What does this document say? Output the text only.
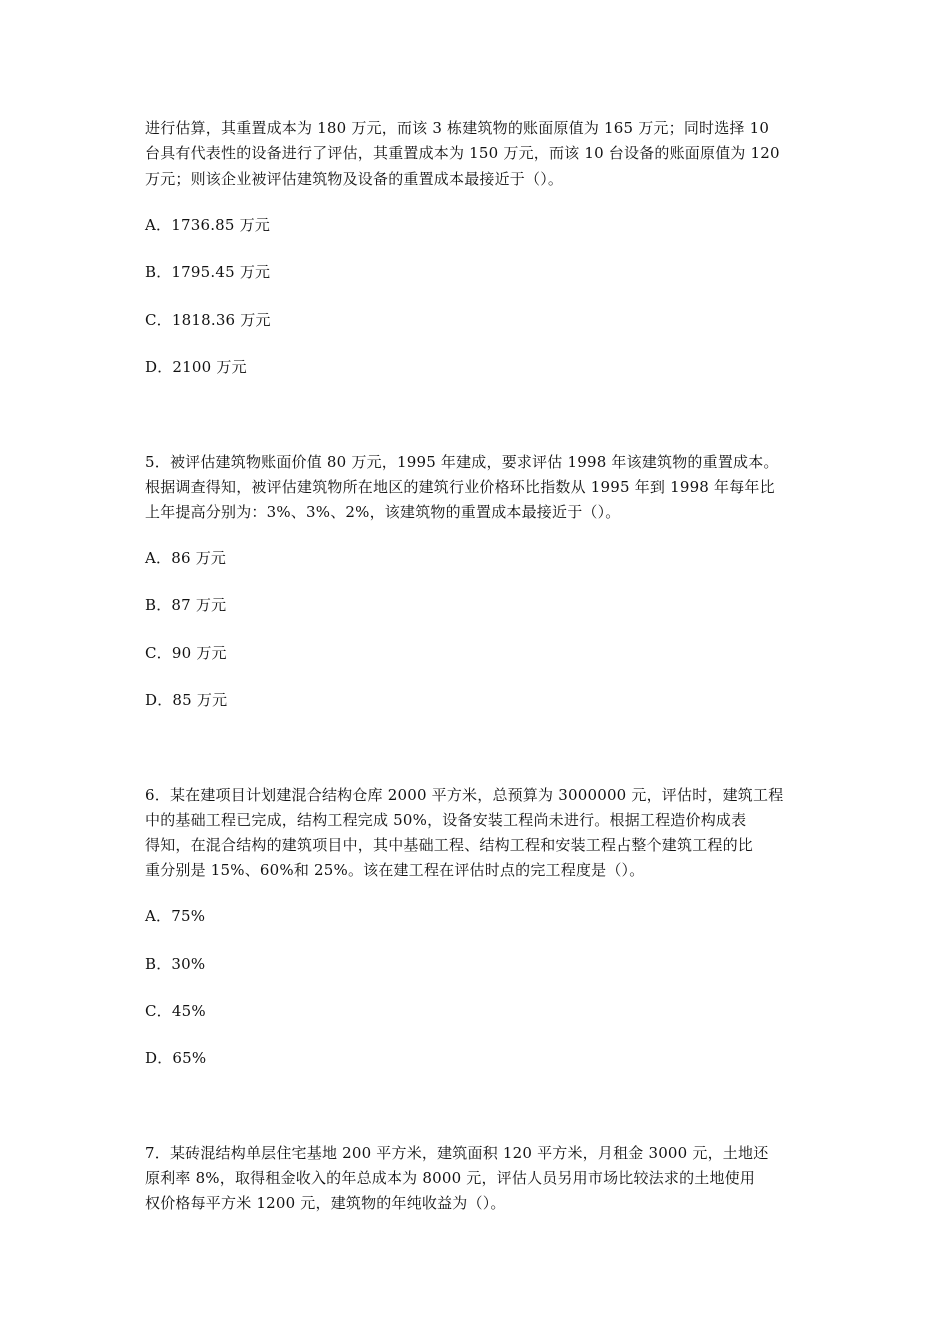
进行估算，其重置成本为 180 万元，而该 3 栋建筑物的账面原值为 165 万元；同时选择 10
台具有代表性的设备进行了评估，其重置成本为 150 万元，而该 10 台设备的账面原值为 120
万元；则该企业被评估建筑物及设备的重置成本最接近于（）。
A．1736.85 万元
B．1795.45 万元
C．1818.36 万元
D．2100 万元
5．被评估建筑物账面价值 80 万元，1995 年建成，要求评估 1998 年该建筑物的重置成本。
根据调查得知，被评估建筑物所在地区的建筑行业价格环比指数从 1995 年到 1998 年每年比
上年提高分别为：3%、3%、2%，该建筑物的重置成本最接近于（）。
A．86 万元
B．87 万元
C．90 万元
D．85 万元
6．某在建项目计划建混合结构仓库 2000 平方米，总预算为 3000000 元，评估时，建筑工程
中的基础工程已完成，结构工程完成 50%，设备安装工程尚未进行。根据工程造价构成表
得知，在混合结构的建筑项目中，其中基础工程、结构工程和安装工程占整个建筑工程的比
重分别是 15%、60%和 25%。该在建工程在评估时点的完工程度是（）。
A．75%
B．30%
C．45%
D．65%
7．某砖混结构单层住宅基地 200 平方米，建筑面积 120 平方米，月租金 3000 元，土地还
原利率 8%，取得租金收入的年总成本为 8000 元，评估人员另用市场比较法求的土地使用
权价格每平方米 1200 元，建筑物的年纯收益为（）。
